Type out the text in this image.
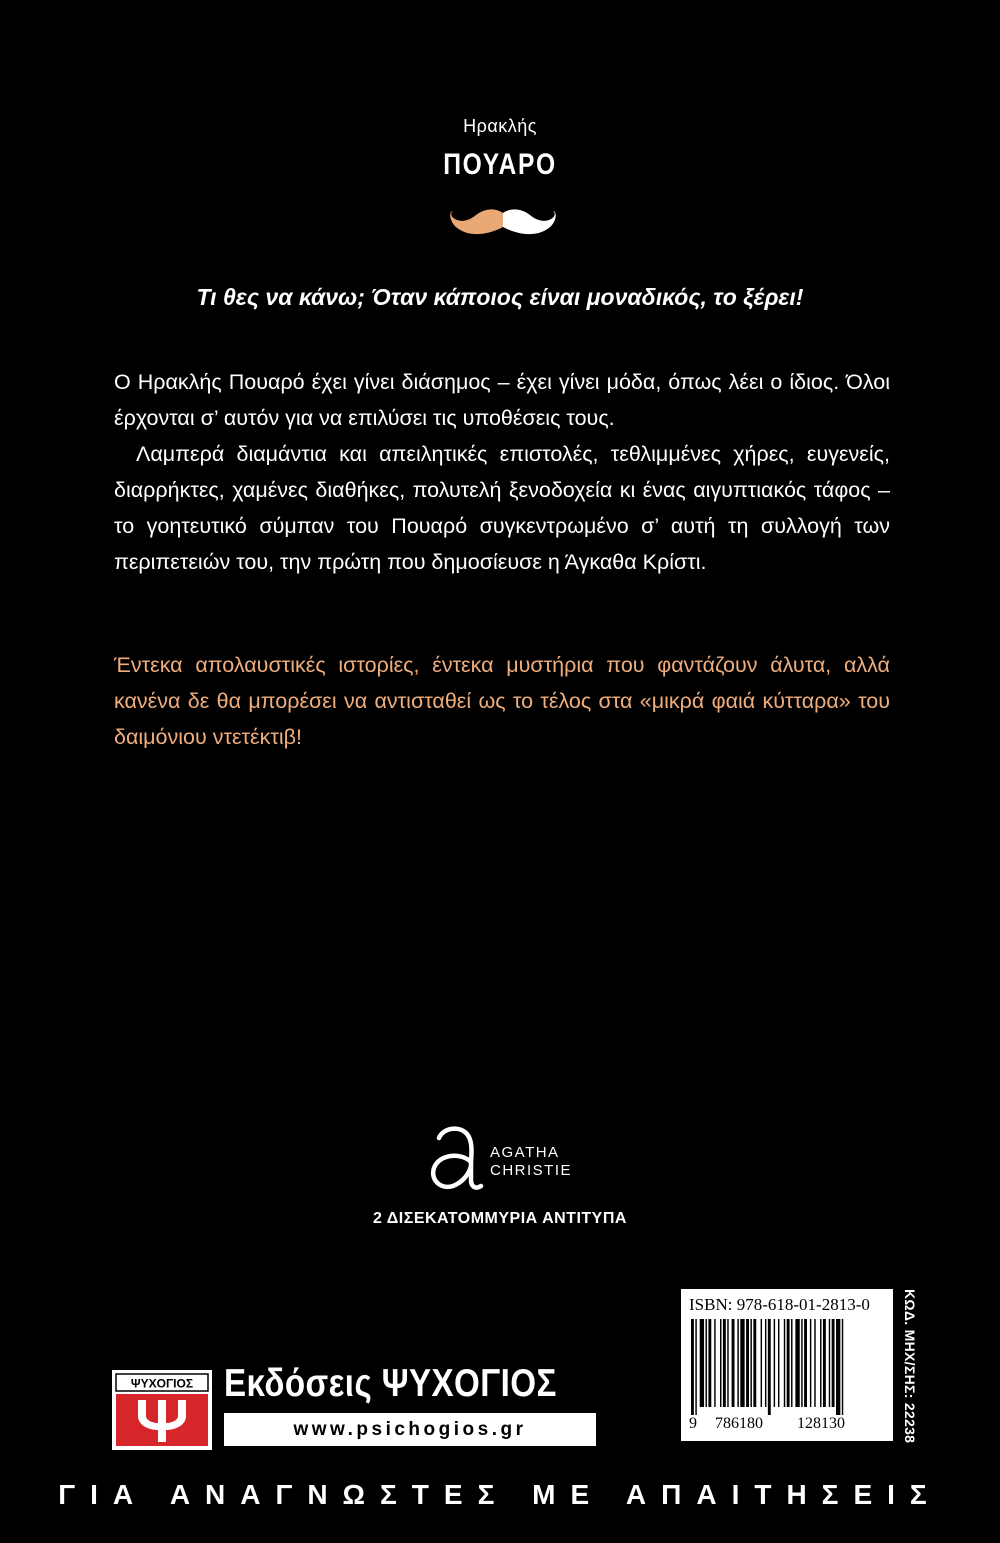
Ηρακλής
ΠΟΥΑΡΟ
Τι θες να κάνω; Όταν κάποιος είναι μοναδικός, το ξέρει!

Ο Ηρακλής Πουαρό έχει γίνει διάσημος – έχει γίνει μόδα, όπως λέει ο ίδιος. Όλοι έρχονται σ’ αυτόν για να επιλύσει τις υποθέσεις τους.

Λαμπερά διαμάντια και απειλητικές επιστολές, τεθλιμμένες χήρες, ευγενείς, διαρρήκτες, χαμένες διαθήκες, πολυτελή ξενοδοχεία κι ένας αιγυπτιακός τάφος – το γοητευτικό σύμπαν του Πουαρό συγκεντρωμένο σ’ αυτή τη συλλογή των περιπετειών του, την πρώτη που δημοσίευσε η Άγκαθα Κρίστι.

Έντεκα απολαυστικές ιστορίες, έντεκα μυστήρια που φαντάζουν άλυτα, αλλά κανένα δε θα μπορέσει να αντισταθεί ως το τέλος στα «μικρά φαιά κύτταρα» του δαιμόνιου ντετέκτιβ!
AGATHA
CHRISTIE
2 ΔΙΣΕΚΑΤΟΜΜΥΡΙΑ ΑΝΤΙΤΥΠΑ
ISBN: 978-618-01-2813-0
9 786180 128130	ΚΩΔ. ΜΗΧ/ΣΗΣ: 22238
ΨΥΧΟΓΙΟΣ Εκδόσεις ΨΥΧΟΓΙΟΣ
www.psichogios.gr
ΓΙΑ ΑΝΑΓΝΩΣΤΕΣ ΜΕ ΑΠΑΙΤΗΣΕΙΣ
